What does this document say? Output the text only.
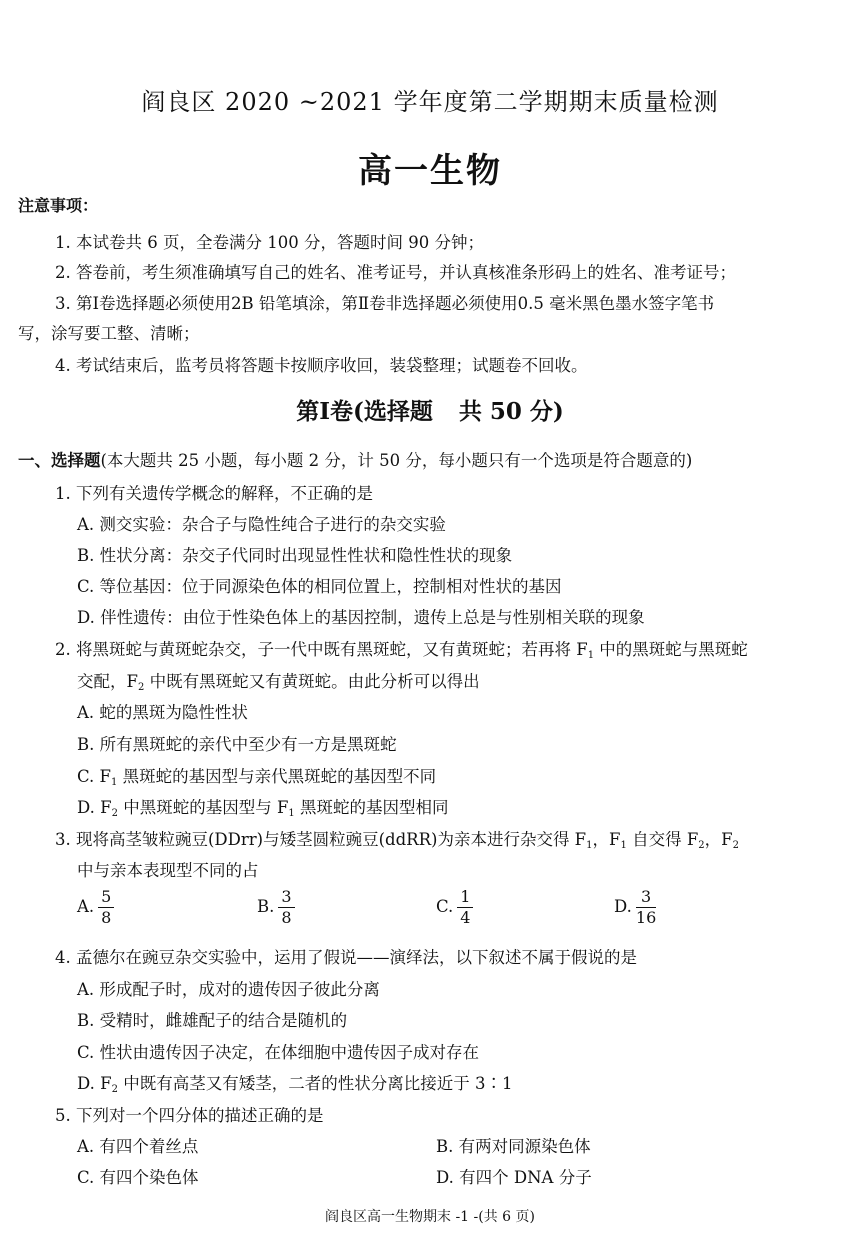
阎良区 2020 ~2021 学年度第二学期期末质量检测
高一生物
注意事项：
1. 本试卷共 6 页，全卷满分 100 分，答题时间 90 分钟；
2. 答卷前，考生须准确填写自己的姓名、准考证号，并认真核准条形码上的姓名、准考证号；
3. 第Ⅰ卷选择题必须使用2B 铅笔填涂，第Ⅱ卷非选择题必须使用0.5 毫米黑色墨水签字笔书
写，涂写要工整、清晰；
4. 考试结束后，监考员将答题卡按顺序收回，装袋整理；试题卷不回收。
第Ⅰ卷(选择题 共 50 分)
一、选择题(本大题共 25 小题，每小题 2 分，计 50 分，每小题只有一个选项是符合题意的)
1. 下列有关遗传学概念的解释，不正确的是
A. 测交实验：杂合子与隐性纯合子进行的杂交实验
B. 性状分离：杂交子代同时出现显性性状和隐性性状的现象
C. 等位基因：位于同源染色体的相同位置上，控制相对性状的基因
D. 伴性遗传：由位于性染色体上的基因控制，遗传上总是与性别相关联的现象
2. 将黑斑蛇与黄斑蛇杂交，子一代中既有黑斑蛇，又有黄斑蛇；若再将 $F_1$ 中的黑斑蛇与黑斑蛇
交配，$F_2$ 中既有黑斑蛇又有黄斑蛇。由此分析可以得出
A. 蛇的黑斑为隐性性状
B. 所有黑斑蛇的亲代中至少有一方是黑斑蛇
C. $F_1$ 黑斑蛇的基因型与亲代黑斑蛇的基因型不同
D. $F_2$ 中黑斑蛇的基因型与 $F_1$ 黑斑蛇的基因型相同
3. 现将高茎皱粒豌豆(DDrr)与矮茎圆粒豌豆(ddRR)为亲本进行杂交得 $F_1$，$F_1$ 自交得 $F_2$，$F_2$
中与亲本表现型不同的占
A. $\frac{5}{8}$	B. $\frac{3}{8}$	C. $\frac{1}{4}$	D. $\frac{3}{16}$
4. 孟德尔在豌豆杂交实验中，运用了假说——演绎法，以下叙述不属于假说的是
A. 形成配子时，成对的遗传因子彼此分离
B. 受精时，雌雄配子的结合是随机的
C. 性状由遗传因子决定，在体细胞中遗传因子成对存在
D. $F_2$ 中既有高茎又有矮茎，二者的性状分离比接近于 3∶1
5. 下列对一个四分体的描述正确的是
A. 有四个着丝点	B. 有两对同源染色体
C. 有四个染色体	D. 有四个 DNA 分子
阎良区高一生物期末 -1 -(共 6 页)
